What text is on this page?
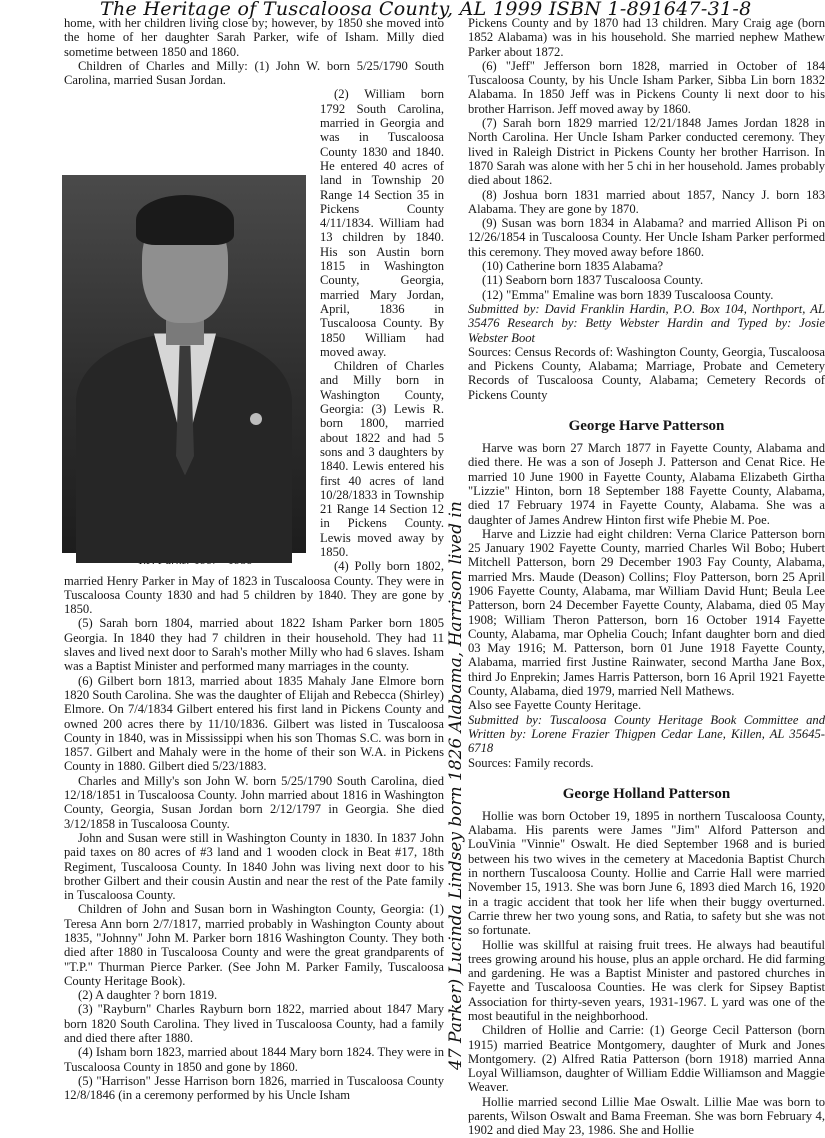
The Heritage of Tuscaloosa County, AL 1999 ISBN 1-891647-31-8

home, with her children living close by; however, by 1850 she moved into the home of her daughter Sarah Parker, wife of Isham. Milly died sometime between 1850 and 1860.

Children of Charles and Milly: (1) John W. born 5/25/1790 South Carolina, married Susan Jordan.

(2) William born 1792 South Carolina, married in Georgia and was in Tuscaloosa County 1830 and 1840. He entered 40 acres of land in Township 20 Range 14 Section 35 in Pickens County 4/11/1834. William had 13 children by 1840. His son Austin born 1815 in Washington County, Georgia, married Mary Jordan, April, 1836 in Tuscaloosa County. By 1850 William had moved away.

Children of Charles and Milly born in Washington County, Georgia: (3) Lewis R. born 1800, married about 1822 and had 5 sons and 3 daughters by 1840. Lewis entered his first 40 acres of land 10/28/1833 in Township 21 Range 14 Section 12 in Pickens County. Lewis moved away by 1850.

(4) Polly born 1802, married Henry Parker in May of 1823 in Tuscaloosa County. They were in Tuscaloosa County 1830 and had 5 children by 1840. They are gone by 1850.

(5) Sarah born 1804, married about 1822 Isham Parker born 1805 Georgia. In 1840 they had 7 children in their household. They had 11 slaves and lived next door to Sarah's mother Milly who had 6 slaves. Isham was a Baptist Minister and performed many marriages in the county.

(6) Gilbert born 1813, married about 1835 Mahaly Jane Elmore born 1820 South Carolina. She was the daughter of Elijah and Rebecca (Shirley) Elmore. On 7/4/1834 Gilbert entered his first land in Pickens County and owned 200 acres there by 11/10/1836. Gilbert was listed in Tuscaloosa County in 1840, was in Mississippi when his son Thomas S.C. was born in 1857. Gilbert and Mahaly were in the home of their son W.A. in Pickens County in 1880. Gilbert died 5/23/1883.

Charles and Milly's son John W. born 5/25/1790 South Carolina, died 12/18/1851 in Tuscaloosa County. John married about 1816 in Washington County, Georgia, Susan Jordan born 2/12/1797 in Georgia. She died 3/12/1858 in Tuscaloosa County.

John and Susan were still in Washington County in 1830. In 1837 John paid taxes on 80 acres of #3 land and 1 wooden clock in Beat #17, 18th Regiment, Tuscaloosa County. In 1840 John was living next door to his brother Gilbert and their cousin Austin and near the rest of the Pate family in Tuscaloosa County.

Children of John and Susan born in Washington County, Georgia: (1) Teresa Ann born 2/7/1817, married probably in Washington County about 1835, "Johnny" John M. Parker born 1816 Washington County. They both died after 1880 in Tuscaloosa County and were the great grandparents of "T.P." Thurman Pierce Parker. (See John M. Parker Family, Tuscaloosa County Heritage Book).

(2) A daughter ? born 1819.

(3) "Rayburn" Charles Rayburn born 1822, married about 1847 Mary born 1820 South Carolina. They lived in Tuscaloosa County, had a family and died there after 1880.

(4) Isham born 1823, married about 1844 Mary born 1824. They were in Tuscaloosa County in 1850 and gone by 1860.

(5) "Harrison" Jesse Harrison born 1826, married in Tuscaloosa County 12/8/1846 (in a ceremony performed by his Uncle Isham

47 Parker) Lucinda Lindsey born 1826 Alabama, Harrison lived in

Pickens County and by 1870 had 13 children. Mary Craig age (born 1852 Alabama) was in his household. She married nephew Mathew Parker about 1872.

(6) "Jeff" Jefferson born 1828, married in October of 184 Tuscaloosa County, by his Uncle Isham Parker, Sibba Lin born 1832 Alabama. In 1850 Jeff was in Pickens County li next door to his brother Harrison. Jeff moved away by 1860.

(7) Sarah born 1829 married 12/21/1848 James Jordan 1828 in North Carolina. Her Uncle Isham Parker conducted ceremony. They lived in Raleigh District in Pickens County her brother Harrison. In 1870 Sarah was alone with her 5 chi in her household. James probably died about 1862.

(8) Joshua born 1831 married about 1857, Nancy J. born 183 Alabama. They are gone by 1870.

(9) Susan was born 1834 in Alabama? and married Allison Pi on 12/26/1854 in Tuscaloosa County. Her Uncle Isham Parker performed this ceremony. They moved away before 1860.

(10) Catherine born 1835 Alabama?

(11) Seaborn born 1837 Tuscaloosa County.

(12) "Emma" Emaline was born 1839 Tuscaloosa County.

Submitted by: David Franklin Hardin, P.O. Box 104, Northport, AL 35476 Research by: Betty Webster Hardin and Typed by: Josie Webster Boot

Sources: Census Records of: Washington County, Georgia, Tuscaloosa and Pickens County, Alabama; Marriage, Probate and Cemetery Records of Tuscaloosa County, Alabama; Cemetery Records of Pickens County

George Harve Patterson

Harve was born 27 March 1877 in Fayette County, Alabama and died there. He was a son of Joseph J. Patterson and Cenat Rice. He married 10 June 1900 in Fayette County, Alabama Elizabeth Girtha "Lizzie" Hinton, born 18 September 188 Fayette County, Alabama, died 17 February 1974 in Fayette County, Alabama. She was a daughter of James Andrew Hinton first wife Phebie M. Poe.

Harve and Lizzie had eight children: Verna Clarice Patterson born 25 January 1902 Fayette County, married Charles Wil Bobo; Hubert Mitchell Patterson, born 29 December 1903 Fay County, Alabama, married Mrs. Maude (Deason) Collins; Floy Patterson, born 25 April 1906 Fayette County, Alabama, mar William David Hunt; Beula Lee Patterson, born 24 December Fayette County, Alabama, died 05 May 1908; William Theron Patterson, born 16 October 1914 Fayette County, Alabama, mar Ophelia Couch; Infant daughter born and died 03 May 1916; M. Patterson, born 01 June 1918 Fayette County, Alabama, married first Justine Rainwater, second Martha Jane Box, third Jo Enprekin; James Harris Patterson, born 16 April 1921 Fayette County, Alabama, died 1979, married Nell Mathews.

Also see Fayette County Heritage.

Submitted by: Tuscaloosa County Heritage Book Committee and Written by: Lorene Frazier Thigpen Cedar Lane, Killen, AL 35645-6718

Sources: Family records.

George Holland Patterson

Hollie was born October 19, 1895 in northern Tuscaloosa County, Alabama. His parents were James "Jim" Alford Patterson and LouVinia "Vinnie" Oswalt. He died September 1968 and is buried between his two wives in the cemetery at Macedonia Baptist Church in northern Tuscaloosa County. Hollie and Carrie Hall were married November 15, 1913. She was born June 6, 1893 died March 16, 1920 in a tragic accident that took her life when their buggy overturned. Carrie threw her two young sons, and Ratia, to safety but she was not so fortunate.

Hollie was skillful at raising fruit trees. He always had beautiful trees growing around his house, plus an apple orchard. He did farming and gardening. He was a Baptist Minister and pastored churches in Fayette and Tuscaloosa Counties. He was clerk for Sipsey Baptist Association for thirty-seven years, 1931-1967. L yard was one of the most beautiful in the neighborhood.

Children of Hollie and Carrie: (1) George Cecil Patterson (born 1915) married Beatrice Montgomery, daughter of Murk and Jones Montgomery. (2) Alfred Ratia Patterson (born 1918) married Anna Loyal Williamson, daughter of William Eddie Williamson and Maggie Weaver.

Hollie married second Lillie Mae Oswalt. Lillie Mae was born to parents, Wilson Oswalt and Bama Freeman. She was born February 4, 1902 and died May 23, 1986. She and Hollie
